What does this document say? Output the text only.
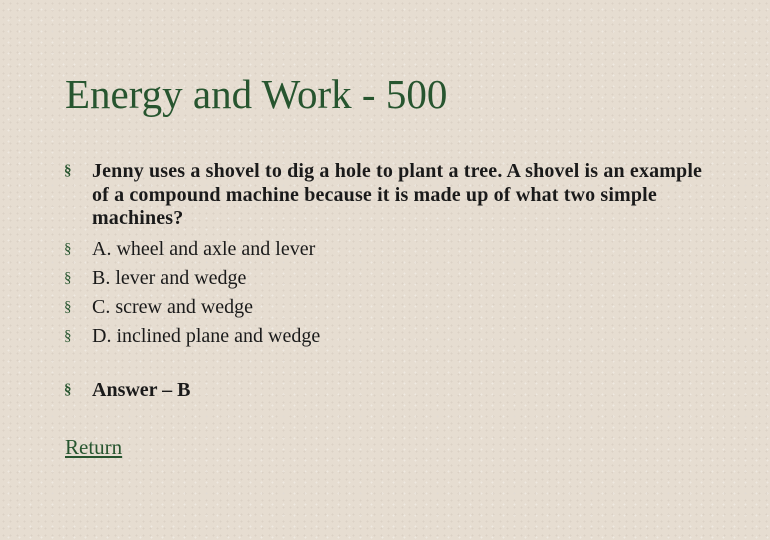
Energy and Work - 500
§ Jenny uses a shovel to dig a hole to plant a tree. A shovel is an example of a compound machine because it is made up of what two simple machines?
§ A. wheel and axle and lever
§ B. lever and wedge
§ C. screw and wedge
§ D. inclined plane and wedge
§ Answer – B
Return
